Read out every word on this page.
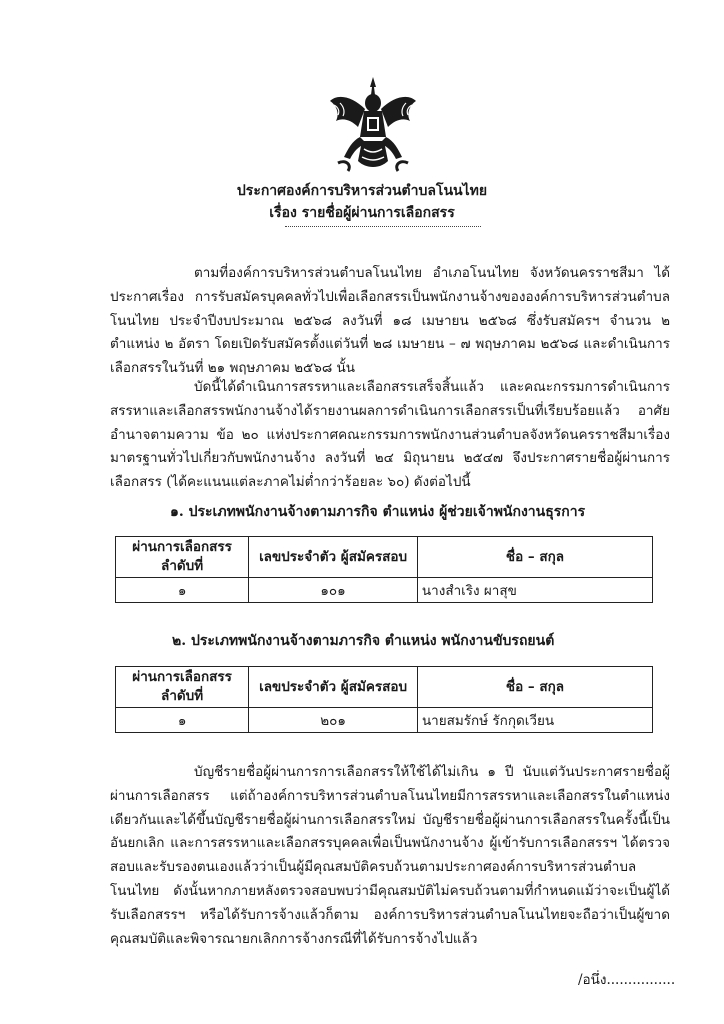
ประกาศองค์การบริหารส่วนตำบลโนนไทย
เรื่อง รายชื่อผู้ผ่านการเลือกสรร

ตามที่องค์การบริหารส่วนตำบลโนนไทย อำเภอโนนไทย จังหวัดนครราชสีมา ได้ประกาศเรื่อง การรับสมัครบุคคลทั่วไปเพื่อเลือกสรรเป็นพนักงานจ้างขององค์การบริหารส่วนตำบลโนนไทย ประจำปีงบประมาณ ๒๕๖๘ ลงวันที่ ๑๘ เมษายน ๒๕๖๘ ซึ่งรับสมัครฯ จำนวน ๒ ตำแหน่ง ๒ อัตรา โดยเปิดรับสมัครตั้งแต่วันที่ ๒๘ เมษายน – ๗ พฤษภาคม ๒๕๖๘ และดำเนินการเลือกสรรในวันที่ ๒๑ พฤษภาคม ๒๕๖๘ นั้น

บัดนี้ได้ดำเนินการสรรหาและเลือกสรรเสร็จสิ้นแล้ว และคณะกรรมการดำเนินการสรรหาและเลือกสรรพนักงานจ้างได้รายงานผลการดำเนินการเลือกสรรเป็นที่เรียบร้อยแล้ว อาศัยอำนาจตามความ ข้อ ๒๐ แห่งประกาศคณะกรรมการพนักงานส่วนตำบลจังหวัดนครราชสีมาเรื่อง มาตรฐานทั่วไปเกี่ยวกับพนักงานจ้าง ลงวันที่ ๒๔ มิถุนายน ๒๕๔๗ จึงประกาศรายชื่อผู้ผ่านการเลือกสรร (ได้คะแนนแต่ละภาคไม่ต่ำกว่าร้อยละ ๖๐) ดังต่อไปนี้

๑. ประเภทพนักงานจ้างตามภารกิจ ตำแหน่ง ผู้ช่วยเจ้าพนักงานธุรการ
ผ่านการเลือกสรร ลำดับที่	เลขประจำตัว ผู้สมัครสอบ	ชื่อ – สกุล
๑	๑๐๑	นางสำเริง ผาสุข
๒. ประเภทพนักงานจ้างตามภารกิจ ตำแหน่ง พนักงานขับรถยนต์
ผ่านการเลือกสรร ลำดับที่	เลขประจำตัว ผู้สมัครสอบ	ชื่อ – สกุล
๑	๒๐๑	นายสมรักษ์ รักกุดเวียน

บัญชีรายชื่อผู้ผ่านการการเลือกสรรให้ใช้ได้ไม่เกิน ๑ ปี นับแต่วันประกาศรายชื่อผู้ผ่านการเลือกสรร แต่ถ้าองค์การบริหารส่วนตำบลโนนไทยมีการสรรหาและเลือกสรรในตำแหน่งเดียวกันและได้ขึ้นบัญชีรายชื่อผู้ผ่านการเลือกสรรใหม่ บัญชีรายชื่อผู้ผ่านการเลือกสรรในครั้งนี้เป็นอันยกเลิก และการสรรหาและเลือกสรรบุคคลเพื่อเป็นพนักงานจ้าง ผู้เข้ารับการเลือกสรรฯ ได้ตรวจสอบและรับรองตนเองแล้วว่าเป็นผู้มีคุณสมบัติครบถ้วนตามประกาศองค์การบริหารส่วนตำบลโนนไทย ดังนั้นหากภายหลังตรวจสอบพบว่ามีคุณสมบัติไม่ครบถ้วนตามที่กำหนดแม้ว่าจะเป็นผู้ได้รับเลือกสรรฯ หรือได้รับการจ้างแล้วก็ตาม องค์การบริหารส่วนตำบลโนนไทยจะถือว่าเป็นผู้ขาดคุณสมบัติและพิจารณายกเลิกการจ้างกรณีที่ได้รับการจ้างไปแล้ว

/อนึ่ง................
